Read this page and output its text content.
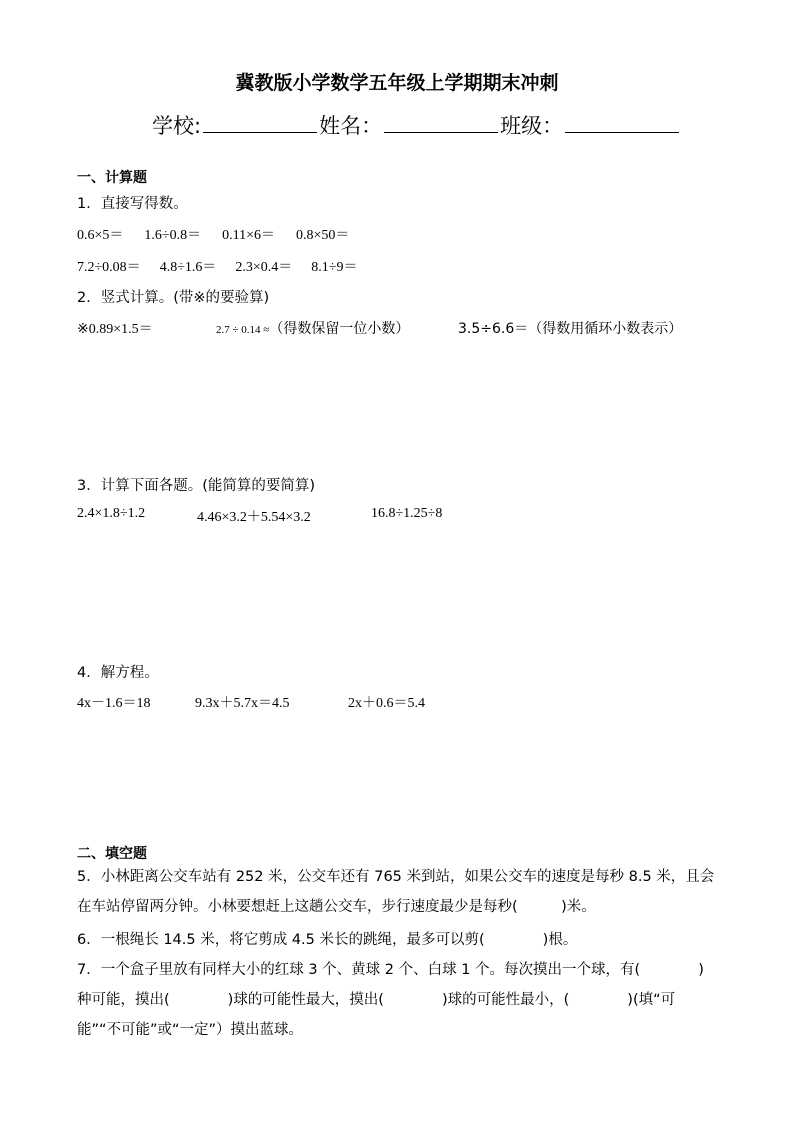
冀教版小学数学五年级上学期期末冲刺
学校:	姓名：	班级：
一、计算题
1．直接写得数。
0.6×5＝ 1.6÷0.8＝ 0.11×6＝ 0.8×50＝
7.2÷0.08＝ 4.8÷1.6＝ 2.3×0.4＝ 8.1÷9＝
2．竖式计算。(带※的要验算)
※0.89×1.5＝	2.7 ÷ 0.14 ≈（得数保留一位小数）	3.5÷6.6＝（得数用循环小数表示）
3．计算下面各题。(能简算的要简算)
2.4×1.8÷1.2	4.46×3.2＋5.54×3.2	16.8÷1.25÷8
4．解方程。
4x－1.6＝18	9.3x＋5.7x＝4.5	2x＋0.6＝5.4
二、填空题
5．小林距离公交车站有 252 米，公交车还有 765 米到站，如果公交车的速度是每秒 8.5 米，且会
在车站停留两分钟。小林要想赶上这趟公交车，步行速度最少是每秒(　　　)米。
6．一根绳长 14.5 米，将它剪成 4.5 米长的跳绳，最多可以剪(　　　　)根。
7．一个盒子里放有同样大小的红球 3 个、黄球 2 个、白球 1 个。每次摸出一个球，有(　　　　)
种可能，摸出(　　　　)球的可能性最大，摸出(　　　　)球的可能性最小，(　　　　)(填“可
能”“不可能”或“一定”）摸出蓝球。
